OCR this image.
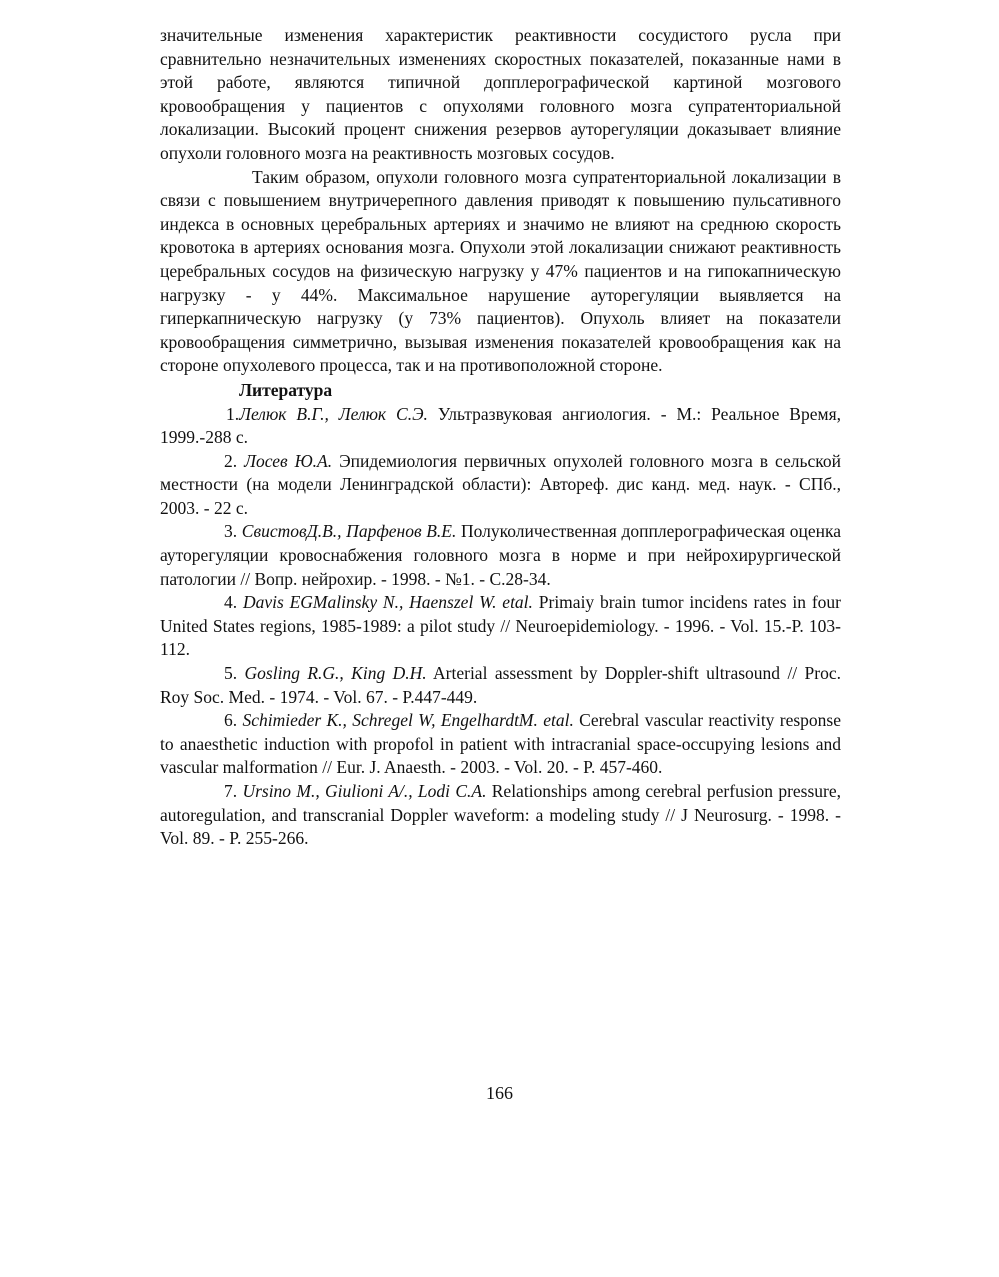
значительные изменения характеристик реактивности сосудистого русла при сравнительно незначительных изменениях скоростных показателей, показанные нами в этой работе, являются типичной допплерографической картиной мозгового кровообращения у пациентов с опухолями головного мозга супратенториальной локализации. Высокий процент снижения резервов ауторегуляции доказывает влияние опухоли головного мозга на реактивность мозговых сосудов.

Таким образом, опухоли головного мозга супратенториальной локализации в связи с повышением внутричерепного давления приводят к повышению пульсативного индекса в основных церебральных артериях и значимо не влияют на среднюю скорость кровотока в артериях основания мозга. Опухоли этой локализации снижают реактивность церебральных сосудов на физическую нагрузку у 47% пациентов и на гипокапническую нагрузку - у 44%. Максимальное нарушение ауторегуляции выявляется на гиперкапническую нагрузку (у 73% пациентов). Опухоль влияет на показатели кровообращения симметрично, вызывая изменения показателей кровообращения как на стороне опухолевого процесса, так и на противоположной стороне.

Литература

1.Лелюк В.Г., Лелюк С.Э. Ультразвуковая ангиология. - М.: Реальное Время, 1999.-288 с.

2. Лосев Ю.А. Эпидемиология первичных опухолей головного мозга в сельской местности (на модели Ленинградской области): Автореф. дис канд. мед. наук. - СПб., 2003. - 22 с.

3. СвистовД.В., Парфенов В.Е. Полуколичественная допплерографическая оценка ауторегуляции кровоснабжения головного мозга в норме и при нейрохирургической патологии // Вопр. нейрохир. - 1998. - №1. - С.28-34.

4. Davis EGMalinsky N., Haenszel W. etal. Primaiy brain tumor incidens rates in four United States regions, 1985-1989: a pilot study // Neuroepidemiology. - 1996. - Vol. 15.-P. 103-112.

5. Gosling R.G., King D.H. Arterial assessment by Doppler-shift ultrasound // Proc. Roy Soc. Med. - 1974. - Vol. 67. - P.447-449.

6. Schimieder K., Schregel W, EngelhardtM. etal. Cerebral vascular reactivity response to anaesthetic induction with propofol in patient with intracranial space-occupying lesions and vascular malformation // Eur. J. Anaesth. - 2003. - Vol. 20. - P. 457-460.

7. Ursino M., Giulioni A/., Lodi C.A. Relationships among cerebral perfusion pressure, autoregulation, and transcranial Doppler waveform: a modeling study // J Neurosurg. - 1998. - Vol. 89. - P. 255-266.

166
